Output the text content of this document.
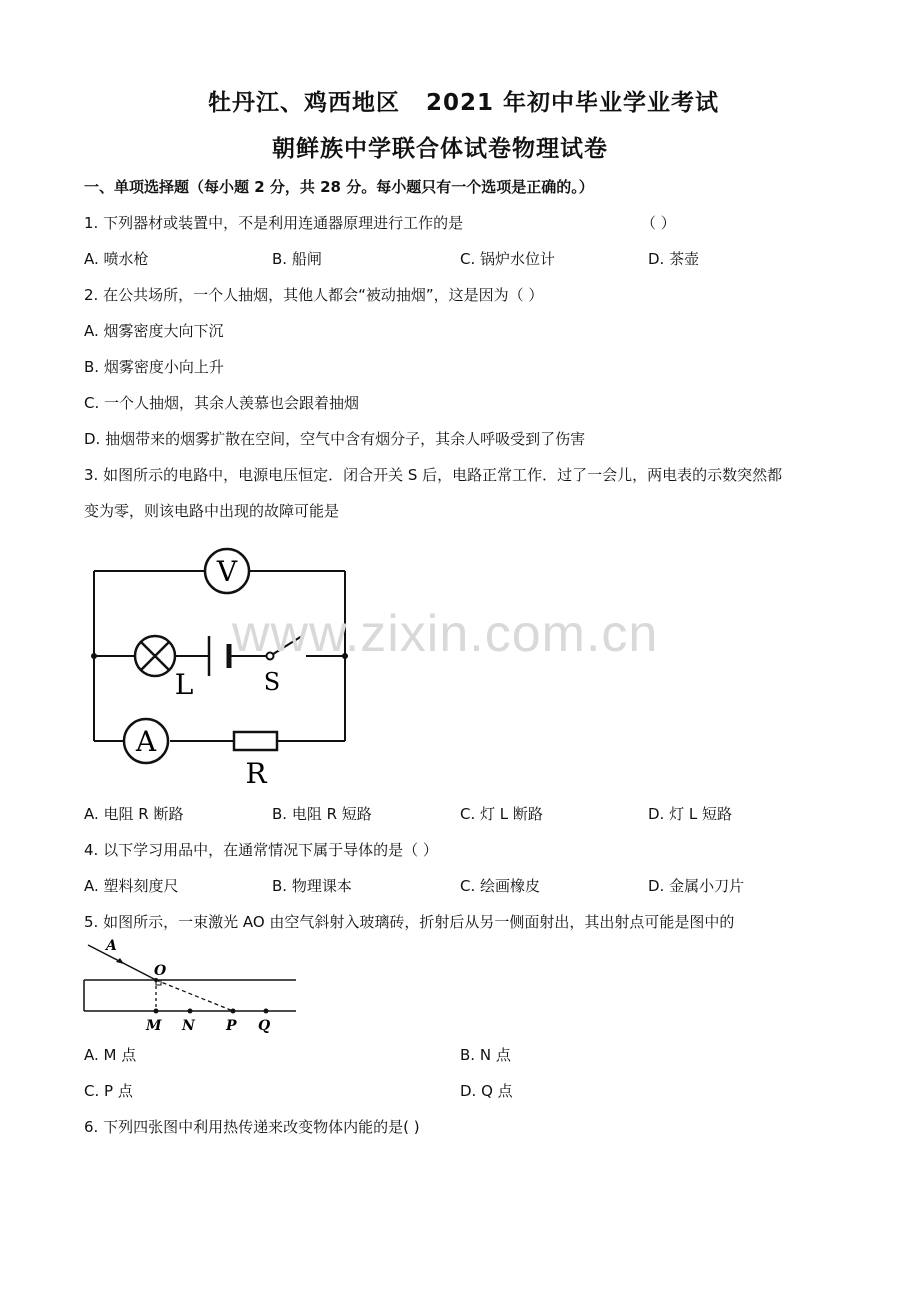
牡丹江、鸡西地区 2021 年初中毕业学业考试
朝鲜族中学联合体试卷物理试卷
一、单项选择题（每小题 2 分，共 28 分。每小题只有一个选项是正确的。）
1. 下列器材或装置中，不是利用连通器原理进行工作的是	（ ）
A. 喷水枪	B. 船闸	C. 锅炉水位计	D. 茶壶
2. 在公共场所，一个人抽烟，其他人都会“被动抽烟”，这是因为（ ）
A. 烟雾密度大向下沉
B. 烟雾密度小向上升
C. 一个人抽烟，其余人羡慕也会跟着抽烟
D. 抽烟带来的烟雾扩散在空间，空气中含有烟分子，其余人呼吸受到了伤害
3. 如图所示的电路中，电源电压恒定．闭合开关 S 后，电路正常工作．过了一会儿，两电表的示数突然都
变为零，则该电路中出现的故障可能是
V
L	S
A
R
www.zixin.com.cn
A. 电阻 R 断路	B. 电阻 R 短路	C. 灯 L 断路	D. 灯 L 短路
4. 以下学习用品中，在通常情况下属于导体的是（ ）
A. 塑料刻度尺	B. 物理课本	C. 绘画橡皮	D. 金属小刀片
5. 如图所示，一束激光 AO 由空气斜射入玻璃砖，折射后从另一侧面射出，其出射点可能是图中的
A
O
M N P Q
A. M 点	B. N 点
C. P 点	D. Q 点
6. 下列四张图中利用热传递来改变物体内能的是( )
